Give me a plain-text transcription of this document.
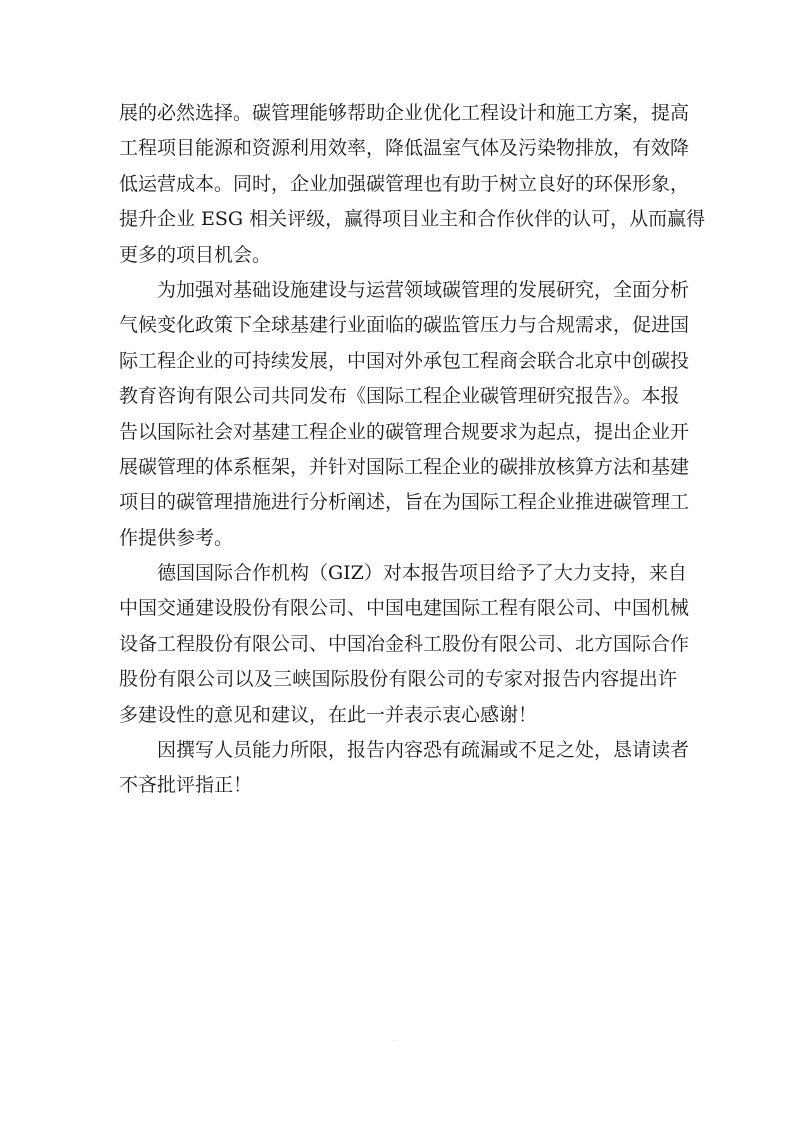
展的必然选择。碳管理能够帮助企业优化工程设计和施工方案，提高
工程项目能源和资源利用效率，降低温室气体及污染物排放，有效降
低运营成本。同时，企业加强碳管理也有助于树立良好的环保形象，
提升企业 ESG 相关评级，赢得项目业主和合作伙伴的认可，从而赢得
更多的项目机会。
为加强对基础设施建设与运营领域碳管理的发展研究，全面分析
气候变化政策下全球基建行业面临的碳监管压力与合规需求，促进国
际工程企业的可持续发展，中国对外承包工程商会联合北京中创碳投
教育咨询有限公司共同发布《国际工程企业碳管理研究报告》。本报
告以国际社会对基建工程企业的碳管理合规要求为起点，提出企业开
展碳管理的体系框架，并针对国际工程企业的碳排放核算方法和基建
项目的碳管理措施进行分析阐述，旨在为国际工程企业推进碳管理工
作提供参考。
德国国际合作机构（GIZ）对本报告项目给予了大力支持，来自
中国交通建设股份有限公司、中国电建国际工程有限公司、中国机械
设备工程股份有限公司、中国冶金科工股份有限公司、北方国际合作
股份有限公司以及三峡国际股份有限公司的专家对报告内容提出许
多建设性的意见和建议，在此一并表示衷心感谢！
因撰写人员能力所限，报告内容恐有疏漏或不足之处，恳请读者
不吝批评指正！
…
